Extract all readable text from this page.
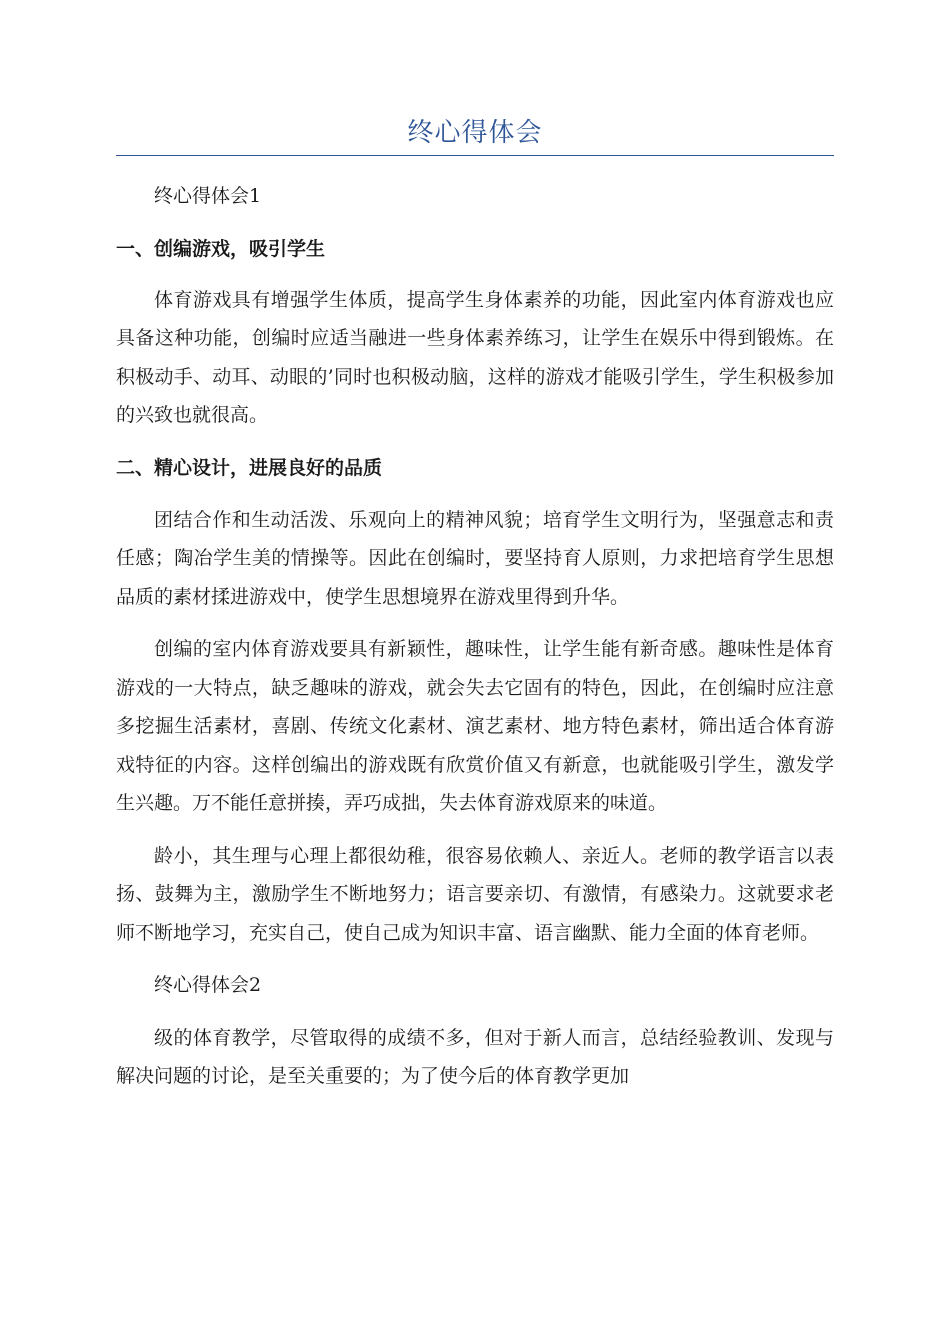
终心得体会

终心得体会1

一、创编游戏，吸引学生

体育游戏具有增强学生体质，提高学生身体素养的功能，因此室内体育游戏也应具备这种功能，创编时应适当融进一些身体素养练习，让学生在娱乐中得到锻炼。在积极动手、动耳、动眼的’同时也积极动脑，这样的游戏才能吸引学生，学生积极参加的兴致也就很高。

二、精心设计，进展良好的品质

团结合作和生动活泼、乐观向上的精神风貌；培育学生文明行为，坚强意志和责任感；陶冶学生美的情操等。因此在创编时，要坚持育人原则，力求把培育学生思想品质的素材揉进游戏中，使学生思想境界在游戏里得到升华。

创编的室内体育游戏要具有新颖性，趣味性，让学生能有新奇感。趣味性是体育游戏的一大特点，缺乏趣味的游戏，就会失去它固有的特色，因此，在创编时应注意多挖掘生活素材，喜剧、传统文化素材、演艺素材、地方特色素材，筛出适合体育游戏特征的内容。这样创编出的游戏既有欣赏价值又有新意，也就能吸引学生，激发学生兴趣。万不能任意拼揍，弄巧成拙，失去体育游戏原来的味道。

龄小，其生理与心理上都很幼稚，很容易依赖人、亲近人。老师的教学语言以表扬、鼓舞为主，激励学生不断地努力；语言要亲切、有激情，有感染力。这就要求老师不断地学习，充实自己，使自己成为知识丰富、语言幽默、能力全面的体育老师。

终心得体会2

级的体育教学，尽管取得的成绩不多，但对于新人而言，总结经验教训、发现与解决问题的讨论，是至关重要的；为了使今后的体育教学更加
